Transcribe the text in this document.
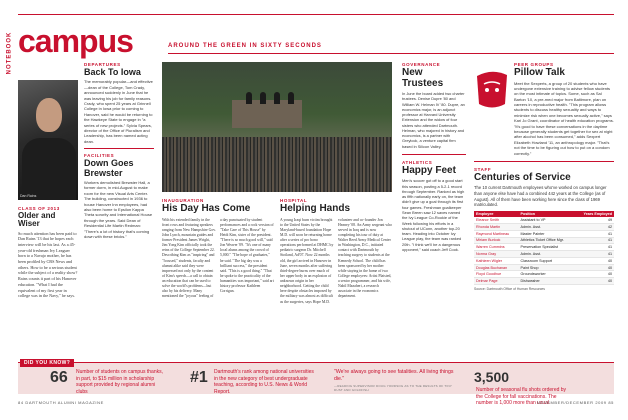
NOTEBOOK campus	AROUND THE GREEN IN SIXTY SECONDS
Dan Rains
CLASS OF 2013
Older and Wiser
So much attention has been paid to Dan Rains '13 that he hopes each interview will be his last. As a 45-year-old freshman Ivy Leaguer born to a Navajo mother, he has been profiled by CBS News and others. How to be a serious student while the subject of a reality show? Rains counts it part of his Hanover education. "What I had the equivalent of my first year in college was in the Navy," he says.
DEPARTURES
Back To Iowa
The memorably popular—and effective—dean of the College, Tom Crady, announced suddenly in June that he was leaving his job for family reasons. Crady, who spent 25 years at Grinnell College in Iowa prior to coming to Hanover, said he would be returning to the Hawkeye State to engage in "a series of new projects." Sylvia Spears, director of the Office of Pluralism and Leadership, has been named acting dean.
FACILITIES
Down Goes Brewster
Workers demolished Brewster Hall, a former dorm, in mid-August to make room for the new Visual Arts Center. The building, constructed in 1936 to house Hanover Inn employees, had also been home to Epsilon Kappa Theta sorority and International House through the years. Said Dean of Residential Life Martin Redman: "There's a lot of history that's coming down with these bricks."
INAUGURATION
His Day Has Come
With his extended family in the front rows and featuring speakers ranging from New Hampshire Gov. John Lynch, mountain guides and former President James Wright, Jim Yong Kim officially took the reins of the College September 22. Describing Kim as "inspiring" and "focused," students, faculty and alumni alike said they were impressed not only by the content of Kim's speech—a call to obtain an education that can be used to solve the world's problems—but also by his delivery. Many mentioned the "joyous" feeling of a day punctuated by student performances and a rock version of "Take Care of This House" by Heidi Kim, sister of the president. "There is so much good will," said Jon Weaver '09. "It's one of many local alums among the crowd of 5,000." "The hope of graduates," he said. "The big day was a brilliant success," the president said. "This is a good thing." "That he spoke to the practicality of the humanities was important," said art history professor Kathleen Corrigan.
HOSPITAL
Helping Hands
A young Iraqi burn victim brought to the United States by the Maryland-based foundation Hope M.D. will soon be returning home after a series of pro bono operations performed at DHMC by pediatric surgeon Dr. Mitchell Stotland, Ad'07. Now 22 months old, the girl arrived in Hanover in June, seven months after suffering third-degree burns over much of her upper body in an explosion of unknown origin in her neighborhood. Getting the child here despite obstacles imposed by the military was almost as difficult as the surgeries, says Hope M.D. volunteer and co-founder Jon Heaney '08. An Army sergeant who served in Iraq and is now completing his tour of duty at Walter Reed Army Medical Center in Washington, D.C., initiated contact with Dartmouth by teaching surgery to students at the Kennedy School. The child has been sponsored by her mother while staying in the home of two College employees: Artist Plaisted, a senior programmer, and his wife, Nabil Mazaheri, a research associate in the economics department.
GOVERNANCE
New Trustees
In June the board added two charter trustees. Denise Dupre '80 and William W. Helman IV '80. Dupre, an economics major, is an adjunct professor at Harvard University Extension and the widow of four sisters who attended Dartmouth. Helman, who majored in history and economics, is a partner with Greylock, a venture capital firm based in Silicon Valley.
ATHLETICS
Happy Feet
Men's soccer got off to a good start this season, posting a 5-2-1 record through September. Ranked as high as fifth nationally early on, the team didn't give up a goal through its first four games. Freshman goalkeeper Sean Breen saw 12 saves named the Ivy League Co-Rookie of the Week following his efforts in a shutout of UConn, another top-20 team. Heading into October Ivy League play, the team was ranked 20th. "I think we'll be a dangerous opponent," said coach Jeff Cook.
PEER GROUPS
Pillow Talk
Meet the Sexperts, a group of 20 students who have undergone extensive training to advise fellow students on the most intimate of topics. Some, such as Sal Barton '10, a pre-med major from Baltimore, plan on careers in reproductive health. "This program allows students to discuss healthy sexuality and ways to minimize risk when one becomes sexually active," says Kari Jo Grant, coordinator of health education programs. "It's good to have these conversations in the daytime because generally students get together for sex at night after alcohol has been consumed," adds Sexpert Elizabeth Howland '11, an anthropology major. "That's not the time to be figuring out how to put on a condom correctly."
STAFF
Centuries of Service
The 10 current Dartmouth employees who've worked on campus longer than anyone else have had a combined 442 years at the College (as of August). All of them have been working here since the class of 1969 matriculated.
Employee	Position	Years Employed
Eleanor Smith	Assistant to VP	49
Rhonda Martin	Admin. Asst.	42
Raymond Martineau	Master Painter	41
Miriam Burlock	Athletics Ticket Office Mgr.	41
Warren Cummins	Preservation Specialist	41
Norma Gray	Admin. Asst.	41
Kathleen Wigler	Classroom Support	40
Douglas Buchanan	Paint Shop	40
Floyd Goodhue	Groundsworker	40
Delmar Page	Dishwasher	40
Source: Dartmouth Office of Human Resources
DID YOU KNOW?
66 Number of students on campus thanks, in part, to $15 million in scholarship support provided by regional alumni clubs
#1 Dartmouth's rank among national universities in the new category of best undergraduate teaching, according to U.S. News & World Report.
"We're always going to see fatalities. All living things die."
—READING SUPERVISOR DOUG YORDSOG AS TO THE RESULTS OF TINY DUST AND GOLDFISH
3,500 Number of seasonal flu shots ordered by the College for fall vaccinations. The number is 1,000 more than usual.
84 DARTMOUTH ALUMNI MAGAZINE	NOVEMBER/DECEMBER 2009 85
